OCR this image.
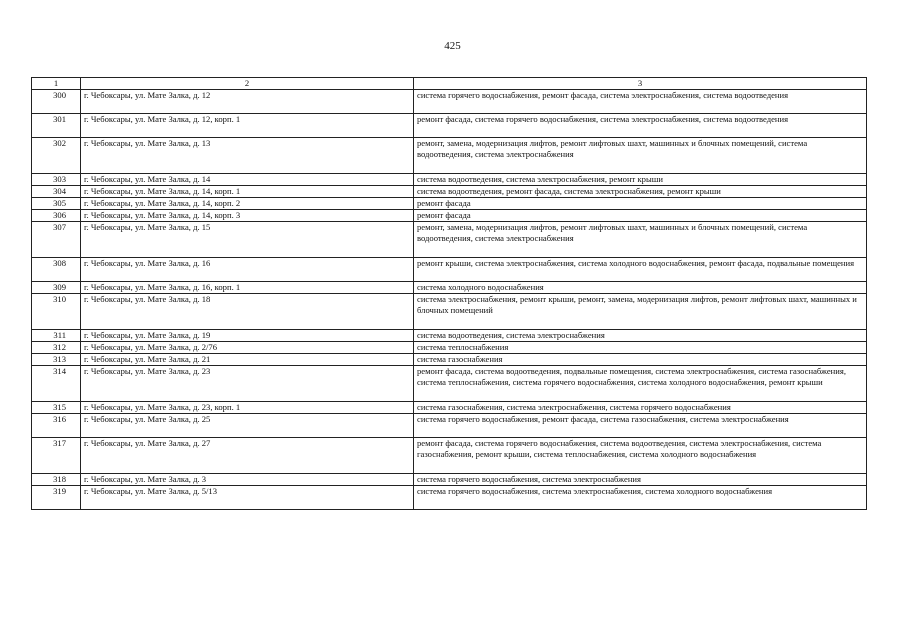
425
1	2	3
300	г. Чебоксары, ул. Мате Залка, д. 12	система горячего водоснабжения, ремонт фасада, система электроснабжения, система водоотведения
301	г. Чебоксары, ул. Мате Залка, д. 12, корп. 1	ремонт фасада, система горячего водоснабжения, система электроснабжения, система водоотведения
302	г. Чебоксары, ул. Мате Залка, д. 13	ремонт, замена, модернизация лифтов, ремонт лифтовых шахт, машинных и блочных помещений, система водоотведения, система электроснабжения
303	г. Чебоксары, ул. Мате Залка, д. 14	система водоотведения, система электроснабжения, ремонт крыши
304	г. Чебоксары, ул. Мате Залка, д. 14, корп. 1	система водоотведения, ремонт фасада, система электроснабжения, ремонт крыши
305	г. Чебоксары, ул. Мате Залка, д. 14, корп. 2	ремонт фасада
306	г. Чебоксары, ул. Мате Залка, д. 14, корп. 3	ремонт фасада
307	г. Чебоксары, ул. Мате Залка, д. 15	ремонт, замена, модернизация лифтов, ремонт лифтовых шахт, машинных и блочных помещений, система водоотведения, система электроснабжения
308	г. Чебоксары, ул. Мате Залка, д. 16	ремонт крыши, система электроснабжения, система холодного водоснабжения, ремонт фасада, подвальные помещения
309	г. Чебоксары, ул. Мате Залка, д. 16, корп. 1	система холодного водоснабжения
310	г. Чебоксары, ул. Мате Залка, д. 18	система электроснабжения, ремонт крыши, ремонт, замена, модернизация лифтов, ремонт лифтовых шахт, машинных и блочных помещений
311	г. Чебоксары, ул. Мате Залка, д. 19	система водоотведения, система электроснабжения
312	г. Чебоксары, ул. Мате Залка, д. 2/76	система теплоснабжения
313	г. Чебоксары, ул. Мате Залка, д. 21	система газоснабжения
314	г. Чебоксары, ул. Мате Залка, д. 23	ремонт фасада, система водоотведения, подвальные помещения, система электроснабжения, система газоснабжения, система теплоснабжения, система горячего водоснабжения, система холодного водоснабжения, ремонт крыши
315	г. Чебоксары, ул. Мате Залка, д. 23, корп. 1	система газоснабжения, система электроснабжения, система горячего водоснабжения
316	г. Чебоксары, ул. Мате Залка, д. 25	система горячего водоснабжения, ремонт фасада, система газоснабжения, система электроснабжения
317	г. Чебоксары, ул. Мате Залка, д. 27	ремонт фасада, система горячего водоснабжения, система водоотведения, система электроснабжения, система газоснабжения, ремонт крыши, система теплоснабжения, система холодного водоснабжения
318	г. Чебоксары, ул. Мате Залка, д. 3	система горячего водоснабжения, система электроснабжения
319	г. Чебоксары, ул. Мате Залка, д. 5/13	система горячего водоснабжения, система электроснабжения, система холодного водоснабжения
